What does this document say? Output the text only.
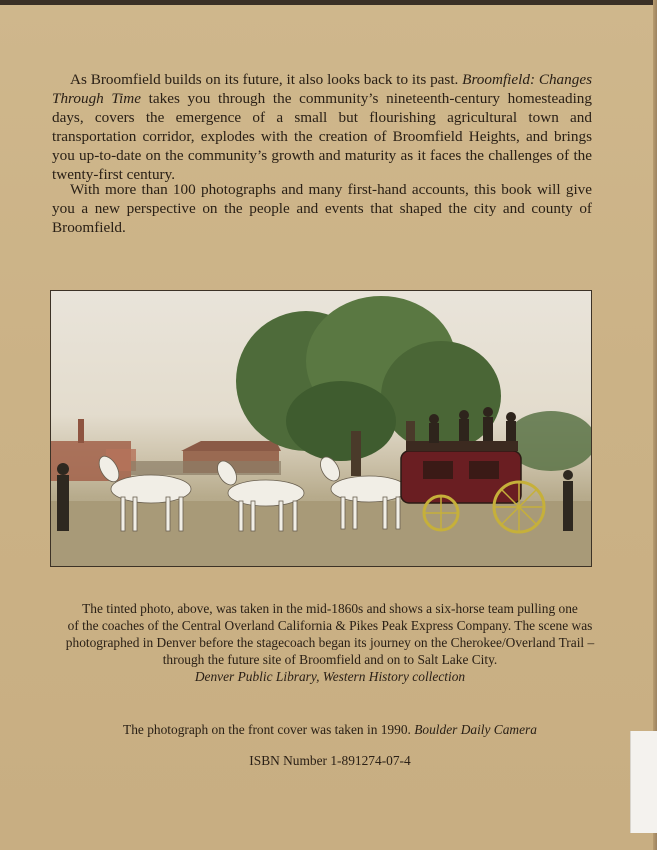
As Broomfield builds on its future, it also looks back to its past. Broomfield: Changes Through Time takes you through the community’s nineteenth-century homesteading days, covers the emergence of a small but flourishing agricultural town and transportation corridor, explodes with the creation of Broomfield Heights, and brings you up-to-date on the community’s growth and maturity as it faces the challenges of the twenty-first century.

With more than 100 photographs and many first-hand accounts, this book will give you a new perspective on the people and events that shaped the city and county of Broomfield.

The tinted photo, above, was taken in the mid-1860s and shows a six-horse team pulling one

of the coaches of the Central Overland California & Pikes Peak Express Company. The scene was

photographed in Denver before the stagecoach began its journey on the Cherokee/Overland Trail –

through the future site of Broomfield and on to Salt Lake City.

Denver Public Library, Western History collection

The photograph on the front cover was taken in 1990. Boulder Daily Camera
ISBN Number 1-891274-07-4
